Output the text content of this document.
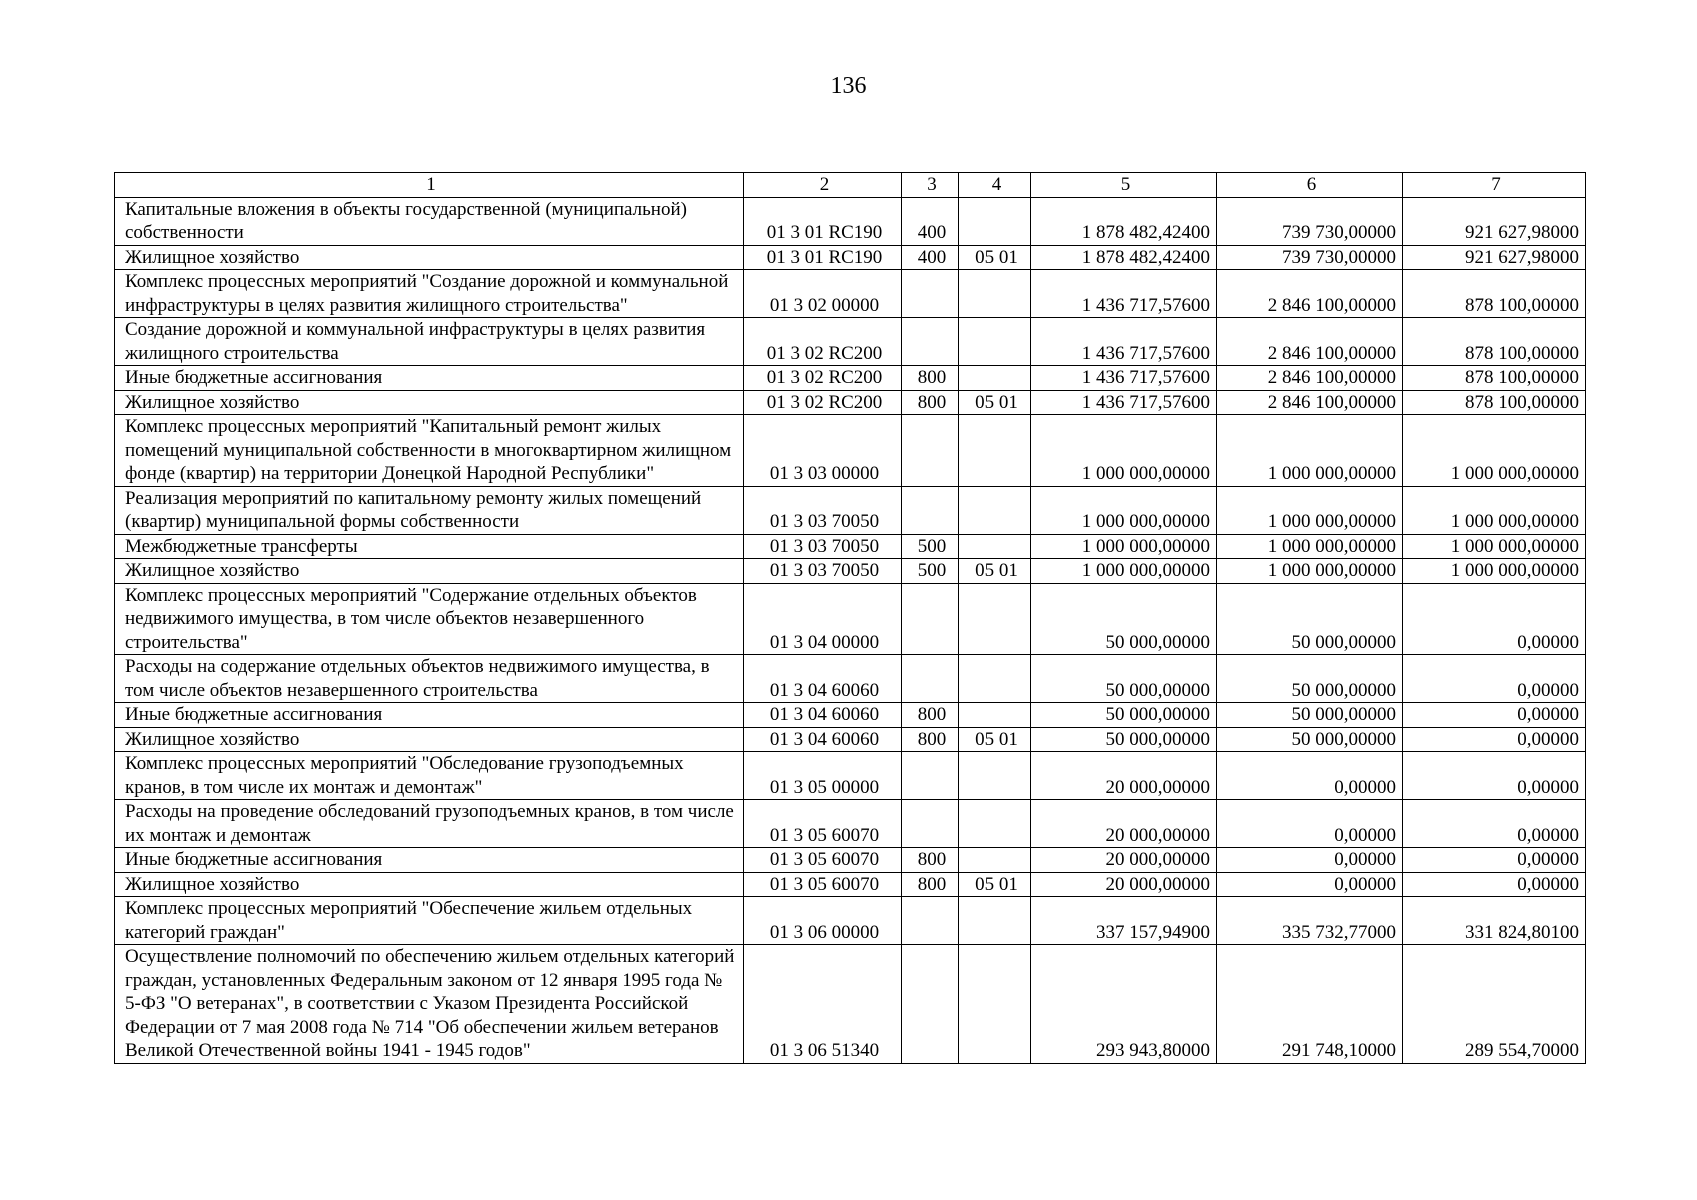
136
1	2	3	4	5	6	7
Капитальные вложения в объекты государственной (муниципальной) собственности	01 3 01 RC190	400		1 878 482,42400	739 730,00000	921 627,98000
Жилищное хозяйство	01 3 01 RC190	400	05 01	1 878 482,42400	739 730,00000	921 627,98000
Комплекс процессных мероприятий "Создание дорожной и коммунальной инфраструктуры в целях развития жилищного строительства"	01 3 02 00000			1 436 717,57600	2 846 100,00000	878 100,00000
Создание дорожной и коммунальной инфраструктуры в целях развития жилищного строительства	01 3 02 RC200			1 436 717,57600	2 846 100,00000	878 100,00000
Иные бюджетные ассигнования	01 3 02 RC200	800		1 436 717,57600	2 846 100,00000	878 100,00000
Жилищное хозяйство	01 3 02 RC200	800	05 01	1 436 717,57600	2 846 100,00000	878 100,00000
Комплекс процессных мероприятий "Капитальный ремонт жилых помещений муниципальной собственности в многоквартирном жилищном фонде (квартир) на территории Донецкой Народной Республики"	01 3 03 00000			1 000 000,00000	1 000 000,00000	1 000 000,00000
Реализация мероприятий по капитальному ремонту жилых помещений (квартир) муниципальной формы собственности	01 3 03 70050			1 000 000,00000	1 000 000,00000	1 000 000,00000
Межбюджетные трансферты	01 3 03 70050	500		1 000 000,00000	1 000 000,00000	1 000 000,00000
Жилищное хозяйство	01 3 03 70050	500	05 01	1 000 000,00000	1 000 000,00000	1 000 000,00000
Комплекс процессных мероприятий "Содержание отдельных объектов недвижимого имущества, в том числе объектов незавершенного строительства"	01 3 04 00000			50 000,00000	50 000,00000	0,00000
Расходы на содержание отдельных объектов недвижимого имущества, в том числе объектов незавершенного строительства	01 3 04 60060			50 000,00000	50 000,00000	0,00000
Иные бюджетные ассигнования	01 3 04 60060	800		50 000,00000	50 000,00000	0,00000
Жилищное хозяйство	01 3 04 60060	800	05 01	50 000,00000	50 000,00000	0,00000
Комплекс процессных мероприятий "Обследование грузоподъемных кранов, в том числе их монтаж и демонтаж"	01 3 05 00000			20 000,00000	0,00000	0,00000
Расходы на проведение обследований грузоподъемных кранов, в том числе их монтаж и демонтаж	01 3 05 60070			20 000,00000	0,00000	0,00000
Иные бюджетные ассигнования	01 3 05 60070	800		20 000,00000	0,00000	0,00000
Жилищное хозяйство	01 3 05 60070	800	05 01	20 000,00000	0,00000	0,00000
Комплекс процессных мероприятий "Обеспечение жильем отдельных категорий граждан"	01 3 06 00000			337 157,94900	335 732,77000	331 824,80100
Осуществление полномочий по обеспечению жильем отдельных категорий граждан, установленных Федеральным законом от 12 января 1995 года № 5-ФЗ "О ветеранах", в соответствии с Указом Президента Российской Федерации от 7 мая 2008 года № 714 "Об обеспечении жильем ветеранов Великой Отечественной войны 1941 - 1945 годов"	01 3 06 51340			293 943,80000	291 748,10000	289 554,70000
